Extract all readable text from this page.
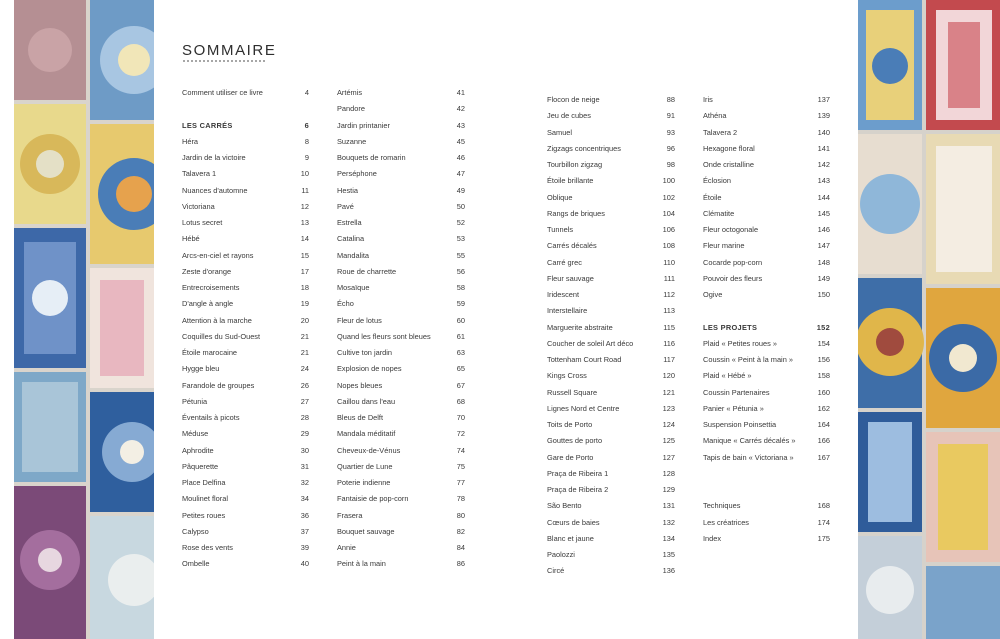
SOMMAIRE
Comment utiliser ce livre	4
LES CARRÉS	6
Héra	8
Jardin de la victoire	9
Talavera 1	10
Nuances d'automne	11
Victoriana	12
Lotus secret	13
Hébé	14
Arcs-en-ciel et rayons	15
Zeste d'orange	17
Entrecroisements	18
D'angle à angle	19
Attention à la marche	20
Coquilles du Sud-Ouest	21
Étoile marocaine	21
Hygge bleu	24
Farandole de groupes	26
Pétunia	27
Éventails à picots	28
Méduse	29
Aphrodite	30
Pâquerette	31
Place Delfina	32
Moulinet floral	34
Petites roues	36
Calypso	37
Rose des vents	39
Ombelle	40
Artémis	41
Pandore	42
Jardin printanier	43
Suzanne	45
Bouquets de romarin	46
Perséphone	47
Hestia	49
Pavé	50
Estrella	52
Catalina	53
Mandalita	55
Roue de charrette	56
Mosaïque	58
Écho	59
Fleur de lotus	60
Quand les fleurs sont bleues	61
Cultive ton jardin	63
Explosion de nopes	65
Nopes bleues	67
Caillou dans l'eau	68
Bleus de Delft	70
Mandala méditatif	72
Cheveux-de-Vénus	74
Quartier de Lune	75
Poterie indienne	77
Fantaisie de pop-corn	78
Frasera	80
Bouquet sauvage	82
Annie	84
Peint à la main	86
Flocon de neige	88
Jeu de cubes	91
Samuel	93
Zigzags concentriques	96
Tourbillon zigzag	98
Étoile brillante	100
Oblique	102
Rangs de briques	104
Tunnels	106
Carrés décalés	108
Carré grec	110
Fleur sauvage	111
Iridescent	112
Interstellaire	113
Marguerite abstraite	115
Coucher de soleil Art déco	116
Tottenham Court Road	117
Kings Cross	120
Russell Square	121
Lignes Nord et Centre	123
Toits de Porto	124
Gouttes de porto	125
Gare de Porto	127
Praça de Ribeira 1	128
Praça de Ribeira 2	129
São Bento	131
Cœurs de baies	132
Blanc et jaune	134
Paolozzi	135
Circé	136
Iris	137
Athéna	139
Talavera 2	140
Hexagone floral	141
Onde cristalline	142
Éclosion	143
Étoile	144
Clématite	145
Fleur octogonale	146
Fleur marine	147
Cocarde pop-corn	148
Pouvoir des fleurs	149
Ogive	150
LES PROJETS	152
Plaid « Petites roues »	154
Coussin « Peint à la main »	156
Plaid « Hébé »	158
Coussin Partenaires	160
Panier « Pétunia »	162
Suspension Poinsettia	164
Manique « Carrés décalés »	166
Tapis de bain « Victoriana »	167
Techniques	168
Les créatrices	174
Index	175
